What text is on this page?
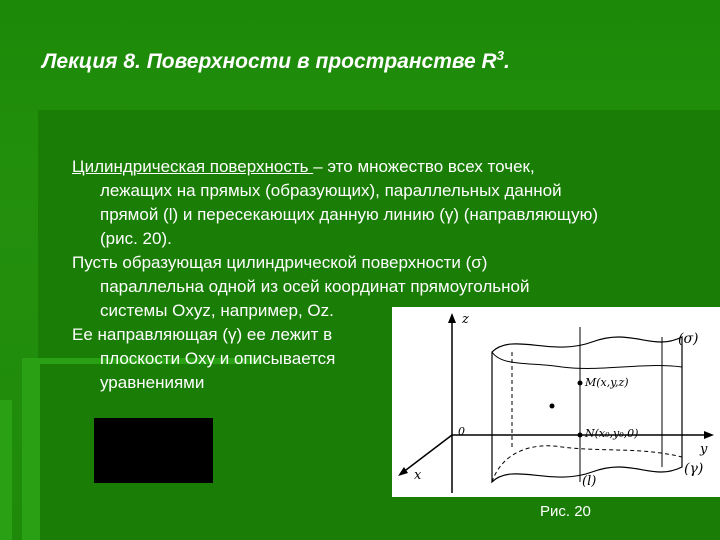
Лекция 8. Поверхности в пространстве $R^3$.

Цилиндрическая поверхность – это множество всех точек,

лежащих на прямых (образующих), параллельных данной

прямой (l) и пересекающих данную линию (γ) (направляющую)

(рис. 20).

Пусть образующая цилиндрической поверхности (σ)

параллельна одной из осей координат прямоугольной

системы Oxyz, например, Oz.

Ее направляющая (γ) ее лежит в

плоскости Oxy и описывается

уравнениями

z
y
x
0
(σ)
(γ)
(l)
M(x,y,z)
N(x₀,y₀,0)
Рис. 20
